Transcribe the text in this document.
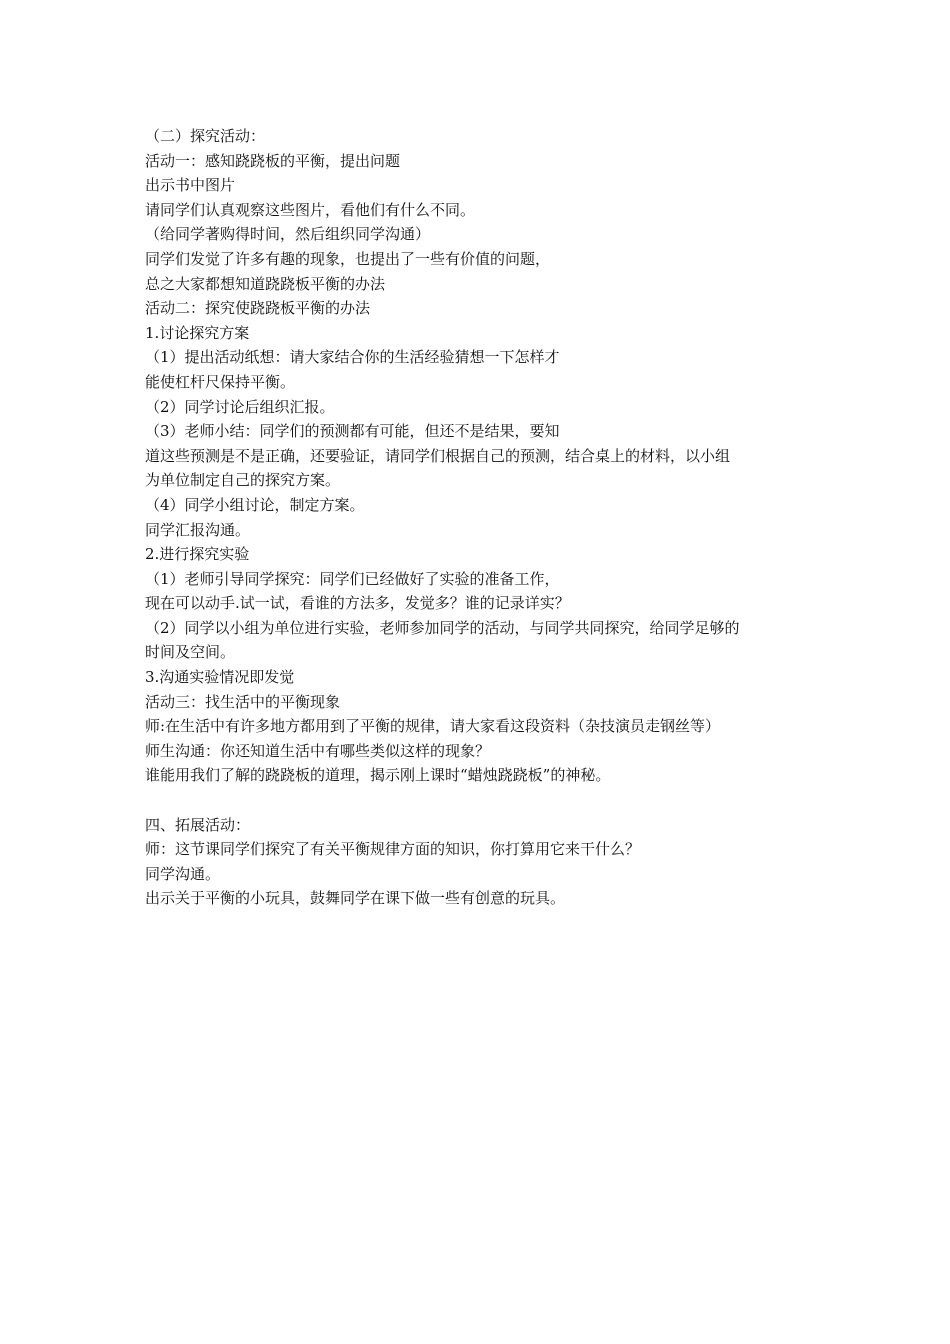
（二）探究活动：
活动一：感知跷跷板的平衡，提出问题
出示书中图片
请同学们认真观察这些图片，看他们有什么不同。
（给同学著购得时间，然后组织同学沟通）
同学们发觉了许多有趣的现象，也提出了一些有价值的问题，
总之大家都想知道跷跷板平衡的办法
活动二：探究使跷跷板平衡的办法
1.讨论探究方案
（1）提出活动纸想：请大家结合你的生活经验猜想一下怎样才
能使杠杆尺保持平衡。
（2）同学讨论后组织汇报。
（3）老师小结：同学们的预测都有可能，但还不是结果，要知
道这些预测是不是正确，还要验证，请同学们根据自己的预测，结合桌上的材料，以小组
为单位制定自己的探究方案。
（4）同学小组讨论，制定方案。
同学汇报沟通。
2.进行探究实验
（1）老师引导同学探究：同学们已经做好了实验的准备工作，
现在可以动手.试一试，看谁的方法多，发觉多？谁的记录详实？
（2）同学以小组为单位进行实验，老师参加同学的活动，与同学共同探究，给同学足够的
时间及空间。
3.沟通实验情况即发觉
活动三：找生活中的平衡现象
师:在生活中有许多地方都用到了平衡的规律，请大家看这段资料（杂技演员走钢丝等）
师生沟通：你还知道生活中有哪些类似这样的现象？
谁能用我们了解的跷跷板的道理，揭示刚上课时“蜡烛跷跷板”的神秘。
四、拓展活动：
师：这节课同学们探究了有关平衡规律方面的知识，你打算用它来干什么？
同学沟通。
出示关于平衡的小玩具，鼓舞同学在课下做一些有创意的玩具。
